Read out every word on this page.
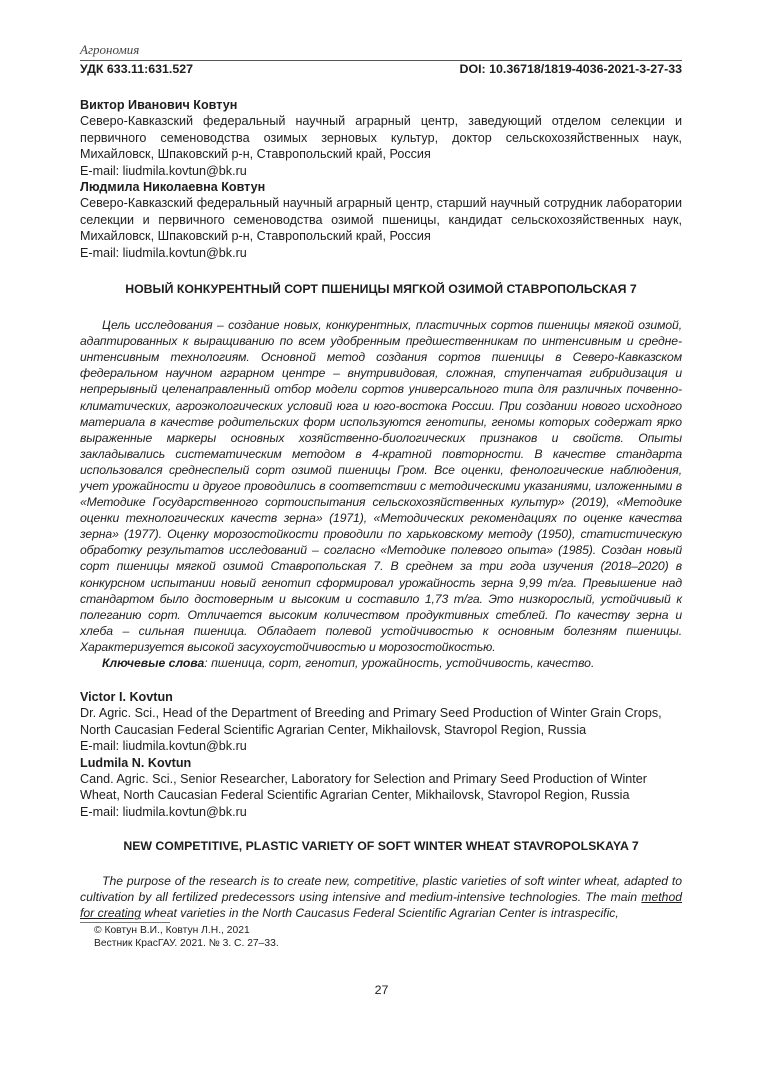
Агрономия
УДК 633.11:631.527	DOI: 10.36718/1819-4036-2021-3-27-33
Виктор Иванович Ковтун
Северо-Кавказский федеральный научный аграрный центр, заведующий отделом селекции и первичного семеноводства озимых зерновых культур, доктор сельскохозяйственных наук, Михайловск, Шпаковский р-н, Ставропольский край, Россия
E-mail: liudmila.kovtun@bk.ru
Людмила Николаевна Ковтун
Северо-Кавказский федеральный научный аграрный центр, старший научный сотрудник лаборатории селекции и первичного семеноводства озимой пшеницы, кандидат сельскохозяйственных наук, Михайловск, Шпаковский р-н, Ставропольский край, Россия
E-mail: liudmila.kovtun@bk.ru
НОВЫЙ КОНКУРЕНТНЫЙ СОРТ ПШЕНИЦЫ МЯГКОЙ ОЗИМОЙ СТАВРОПОЛЬСКАЯ 7

Цель исследования – создание новых, конкурентных, пластичных сортов пшеницы мягкой озимой, адаптированных к выращиванию по всем удобренным предшественникам по интенсивным и среднеинтенсивным технологиям. Основной метод создания сортов пшеницы в Северо-Кавказском федеральном научном аграрном центре – внутривидовая, сложная, ступенчатая гибридизация и непрерывный целенаправленный отбор модели сортов универсального типа для различных почвенно-климатических, агроэкологических условий юга и юго-востока России. При создании нового исходного материала в качестве родительских форм используются генотипы, геномы которых содержат ярко выраженные маркеры основных хозяйственно-биологических признаков и свойств. Опыты закладывались систематическим методом в 4-кратной повторности. В качестве стандарта использовался среднеспелый сорт озимой пшеницы Гром. Все оценки, фенологические наблюдения, учет урожайности и другое проводились в соответствии с методическими указаниями, изложенными в «Методике Государственного сортоиспытания сельскохозяйственных культур» (2019), «Методике оценки технологических качеств зерна» (1971), «Методических рекомендациях по оценке качества зерна» (1977). Оценку морозостойкости проводили по харьковскому методу (1950), статистическую обработку результатов исследований – согласно «Методике полевого опыта» (1985). Создан новый сорт пшеницы мягкой озимой Ставропольская 7. В среднем за три года изучения (2018–2020) в конкурсном испытании новый генотип сформировал урожайность зерна 9,99 т/га. Превышение над стандартом было достоверным и высоким и составило 1,73 т/га. Это низкорослый, устойчивый к полеганию сорт. Отличается высоким количеством продуктивных стеблей. По качеству зерна и хлеба – сильная пшеница. Обладает полевой устойчивостью к основным болезням пшеницы. Характеризуется высокой засухоустойчивостью и морозостойкостью.

Ключевые слова: пшеница, сорт, генотип, урожайность, устойчивость, качество.

Victor I. Kovtun
Dr. Agric. Sci., Head of the Department of Breeding and Primary Seed Production of Winter Grain Crops, North Caucasian Federal Scientific Agrarian Center, Mikhailovsk, Stavropol Region, Russia
E-mail: liudmila.kovtun@bk.ru
Ludmila N. Kovtun
Cand. Agric. Sci., Senior Researcher, Laboratory for Selection and Primary Seed Production of Winter Wheat, North Caucasian Federal Scientific Agrarian Center, Mikhailovsk, Stavropol Region, Russia
E-mail: liudmila.kovtun@bk.ru
NEW COMPETITIVE, PLASTIC VARIETY OF SOFT WINTER WHEAT STAVROPOLSKAYA 7

The purpose of the research is to create new, competitive, plastic varieties of soft winter wheat, adapted to cultivation by all fertilized predecessors using intensive and medium-intensive technologies. The main method for creating wheat varieties in the North Caucasus Federal Scientific Agrarian Center is intraspecific,

© Ковтун В.И., Ковтун Л.Н., 2021
Вестник КрасГАУ. 2021. № 3. С. 27–33.
27
